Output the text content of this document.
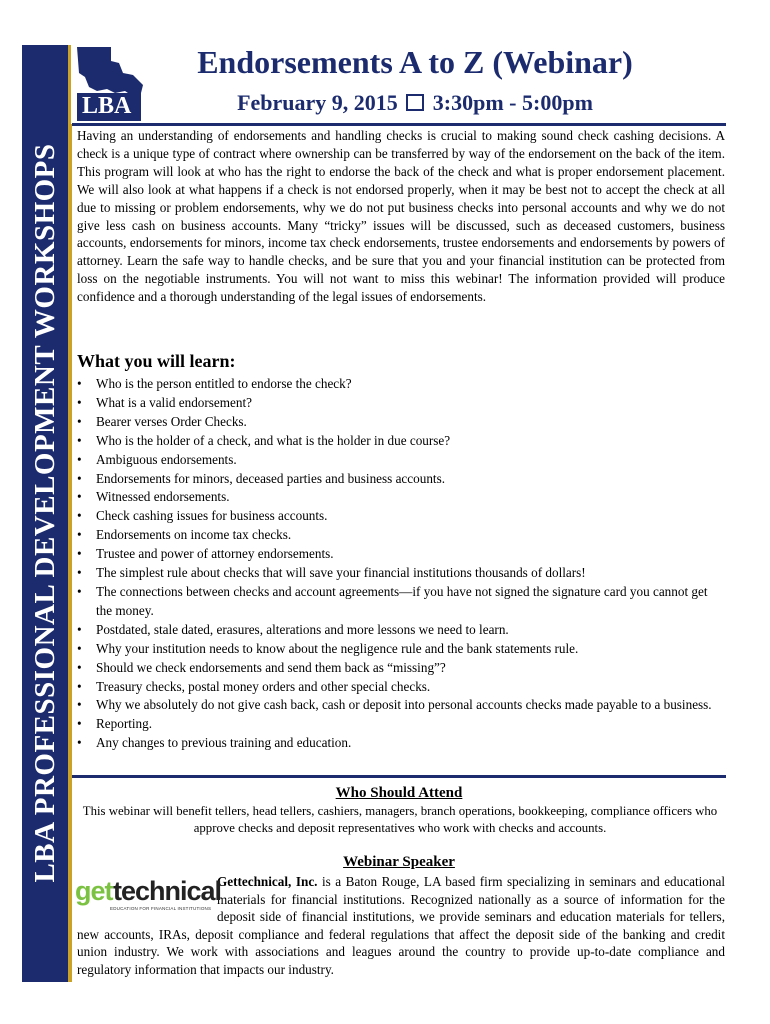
LBA PROFESSIONAL DEVELOPMENT WORKSHOPS
LBA
Endorsements A to Z (Webinar)
February 9, 2015 3:30pm - 5:00pm

Having an understanding of endorsements and handling checks is crucial to making sound check cashing decisions. A check is a unique type of contract where ownership can be transferred by way of the endorsement on the back of the item. This program will look at who has the right to endorse the back of the check and what is proper endorsement placement. We will also look at what happens if a check is not endorsed properly, when it may be best not to accept the check at all due to missing or problem endorsements, why we do not put business checks into personal accounts and why we do not give less cash on business accounts. Many “tricky” issues will be discussed, such as deceased customers, business accounts, endorsements for minors, income tax check endorsements, trustee endorsements and endorsements by powers of attorney. Learn the safe way to handle checks, and be sure that you and your financial institution can be protected from loss on the negotiable instruments. You will not want to miss this webinar! The information provided will produce confidence and a thorough understanding of the legal issues of endorsements.

What you will learn:
• Who is the person entitled to endorse the check?
• What is a valid endorsement?
• Bearer verses Order Checks.
• Who is the holder of a check, and what is the holder in due course?
• Ambiguous endorsements.
• Endorsements for minors, deceased parties and business accounts.
• Witnessed endorsements.
• Check cashing issues for business accounts.
• Endorsements on income tax checks.
• Trustee and power of attorney endorsements.
• The simplest rule about checks that will save your financial institutions thousands of dollars!
• The connections between checks and account agreements—if you have not signed the signature card you cannot get the money.
• Postdated, stale dated, erasures, alterations and more lessons we need to learn.
• Why your institution needs to know about the negligence rule and the bank statements rule.
• Should we check endorsements and send them back as “missing”?
• Treasury checks, postal money orders and other special checks.
• Why we absolutely do not give cash back, cash or deposit into personal accounts checks made payable to a business.
• Reporting.
• Any changes to previous training and education.
Who Should Attend

This webinar will benefit tellers, head tellers, cashiers, managers, branch operations, bookkeeping, compliance officers who approve checks and deposit representatives who work with checks and accounts.

Webinar Speaker

Gettechnical, Inc. is a Baton Rouge, LA based firm specializing in seminars and educational materials for financial institutions. Recognized nationally as a source of information for the deposit side of financial institutions, we provide seminars and education materials for tellers, new accounts, IRAs, deposit compliance and federal regulations that affect the deposit side of the banking and credit union industry. We work with associations and leagues around the country to provide up-to-date compliance and regulatory information that impacts our industry.

get technical
EDUCATION FOR FINANCIAL INSTITUTIONS
